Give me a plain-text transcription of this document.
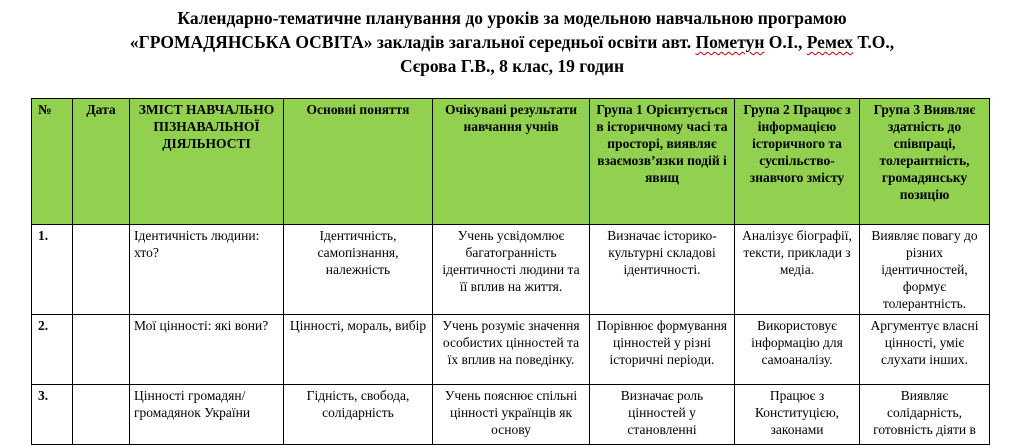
Календарно-тематичне планування до уроків за модельною навчальною програмою
«ГРОМАДЯНСЬКА ОСВІТА» закладів загальної середньої освіти авт. Пометун О.І., Ремех Т.О.,
Сєрова Г.В., 8 клас, 19 годин
№	Дата	ЗМІСТ НАВЧАЛЬНО ПІЗНАВАЛЬНОЇ ДІЯЛЬНОСТІ	Основні поняття	Очікувані результати навчання учнів	Група 1 Орієнтується в історичному часі та просторі, виявляє взаємозв’язки подій і явищ	Група 2 Працює з інформацією історичного та суспільство-знавчого змісту	Група 3 Виявляє здатність до співпраці, толерантність, громадянську позицію
1.		Ідентичність людини: хто?	Ідентичність, самопізнання, належність	Учень усвідомлює багатогранність ідентичності людини та її вплив на життя.	Визначає історико-культурні складові ідентичності.	Аналізує біографії, тексти, приклади з медіа.	Виявляє повагу до різних ідентичностей, формує толерантність.
2.		Мої цінності: які вони?	Цінності, мораль, вибір	Учень розуміє значення особистих цінностей та їх вплив на поведінку.	Порівнює формування цінностей у різні історичні періоди.	Використовує інформацію для самоаналізу.	Аргументує власні цінності, уміє слухати інших.
3.		Цінності громадян/ громадянок України	Гідність, свобода, солідарність	Учень пояснює спільні цінності українців як основу	Визначає роль цінностей у становленні	Працює з Конституцією, законами	Виявляє солідарність, готовність діяти в
